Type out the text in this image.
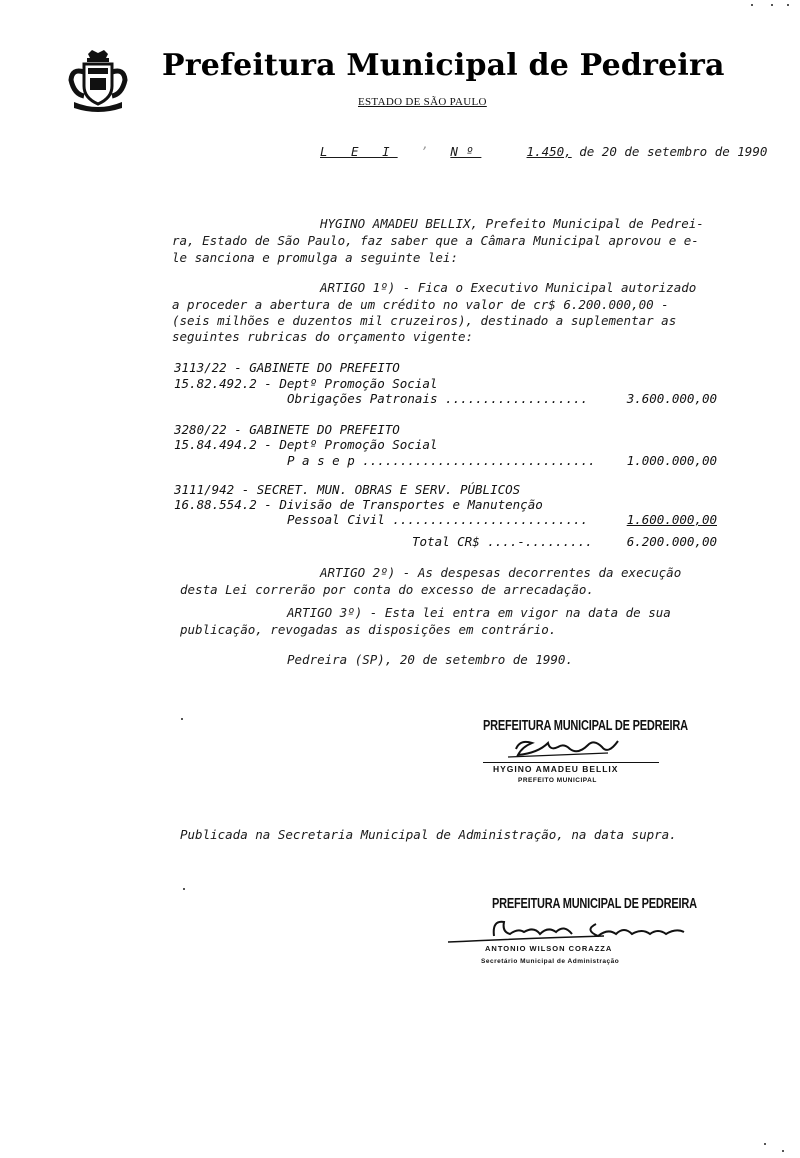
Prefeitura Municipal de Pedreira
ESTADO DE SÃO PAULO
L E I ’ Nº	1.450, de 20 de setembro de 1990
HYGINO AMADEU BELLIX, Prefeito Municipal de Pedrei-
ra, Estado de São Paulo, faz saber que a Câmara Municipal aprovou e e-
le sanciona e promulga a seguinte lei:
ARTIGO 1º) - Fica o Executivo Municipal autorizado
a proceder a abertura de um crédito no valor de cr$ 6.200.000,00 -
(seis milhões e duzentos mil cruzeiros), destinado a suplementar as
seguintes rubricas do orçamento vigente:
3113/22 - GABINETE DO PREFEITO
15.82.492.2 - Deptº Promoção Social
Obrigações Patronais ...................	3.600.000,00
3280/22 - GABINETE DO PREFEITO
15.84.494.2 - Deptº Promoção Social
P a s e p ............................... 1.000.000,00
3111/942 - SECRET. MUN. OBRAS E SERV. PÚBLICOS
16.88.554.2 - Divisão de Transportes e Manutenção
Pessoal Civil ..........................	1.600.000,00
Total CR$ ....-.........	6.200.000,00
ARTIGO 2º) - As despesas decorrentes da execução
desta Lei correrão por conta do excesso de arrecadação.
ARTIGO 3º) - Esta lei entra em vigor na data de sua
publicação, revogadas as disposições em contrário.
Pedreira (SP), 20 de setembro de 1990.
PREFEITURA MUNICIPAL DE PEDREIRA
HYGINO AMADEU BELLIX
PREFEITO MUNICIPAL
Publicada na Secretaria Municipal de Administração, na data supra.
PREFEITURA MUNICIPAL DE PEDREIRA
ANTONIO WILSON CORAZZA
Secretário Municipal de Administração
